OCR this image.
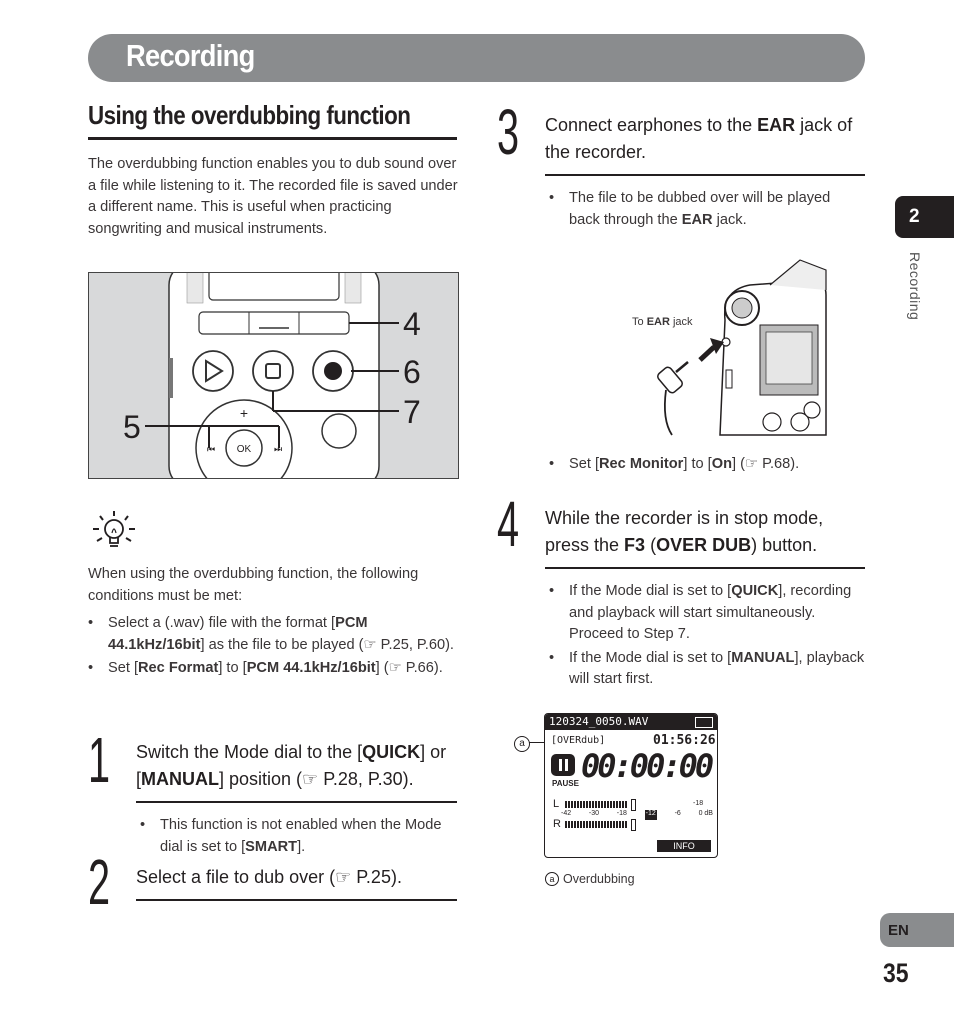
Recording
2
Recording
EN
35
Using the overdubbing function
The overdubbing function enables you to dub sound over a file while listening to it. The recorded file is saved under a different name. This is useful when practicing songwriting and musical instruments.
OK
+
⏮	⏭
4
6
7
5
When using the overdubbing function, the following conditions must be met:
• Select a (.wav) file with the format [PCM 44.1kHz/16bit] as the file to be played (☞ P.25, P.60).
• Set [Rec Format] to [PCM 44.1kHz/16bit] (☞ P.66).
1 Switch the Mode dial to the [QUICK] or [MANUAL] position (☞ P.28, P.30).
• This function is not enabled when the Mode dial is set to [SMART].
2 Select a file to dub over (☞ P.25).
3 Connect earphones to the EAR jack of the recorder.
• The file to be dubbed over will be played back through the EAR jack.
To EAR jack
• Set [Rec Monitor] to [On] (☞ P.68).
4 While the recorder is in stop mode, press the F3 (OVER DUB) button.
• If the Mode dial is set to [QUICK], recording and playback will start simultaneously. Proceed to Step 7.
• If the Mode dial is set to [MANUAL], playback will start first.
a
120324_0050.WAV
[OVERdub]	01:56:26
PAUSE 00:00:00
L
R
-18
-42	-30	-18	-12	-6	0 dB
INFO
a Overdubbing
